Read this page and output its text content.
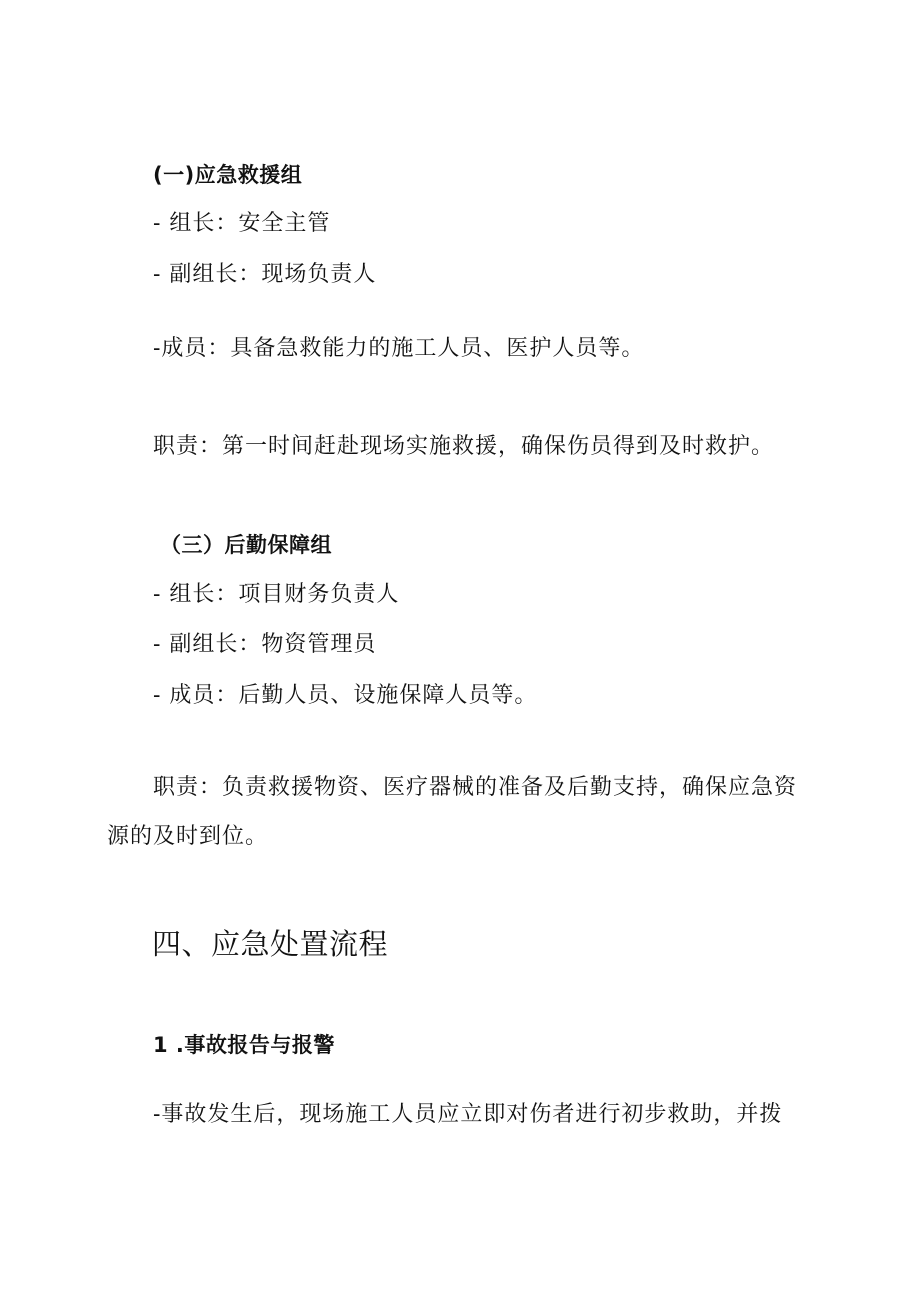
(一)应急救援组
- 组长：安全主管
- 副组长：现场负责人
-成员：具备急救能力的施工人员、医护人员等。
职责：第一时间赶赴现场实施救援，确保伤员得到及时救护。
（三）后勤保障组
- 组长：项目财务负责人
- 副组长：物资管理员
- 成员：后勤人员、设施保障人员等。
职责：负责救援物资、医疗器械的准备及后勤支持，确保应急资
源的及时到位。
四、应急处置流程
1 .事故报告与报警
-事故发生后，现场施工人员应立即对伤者进行初步救助，并拨
